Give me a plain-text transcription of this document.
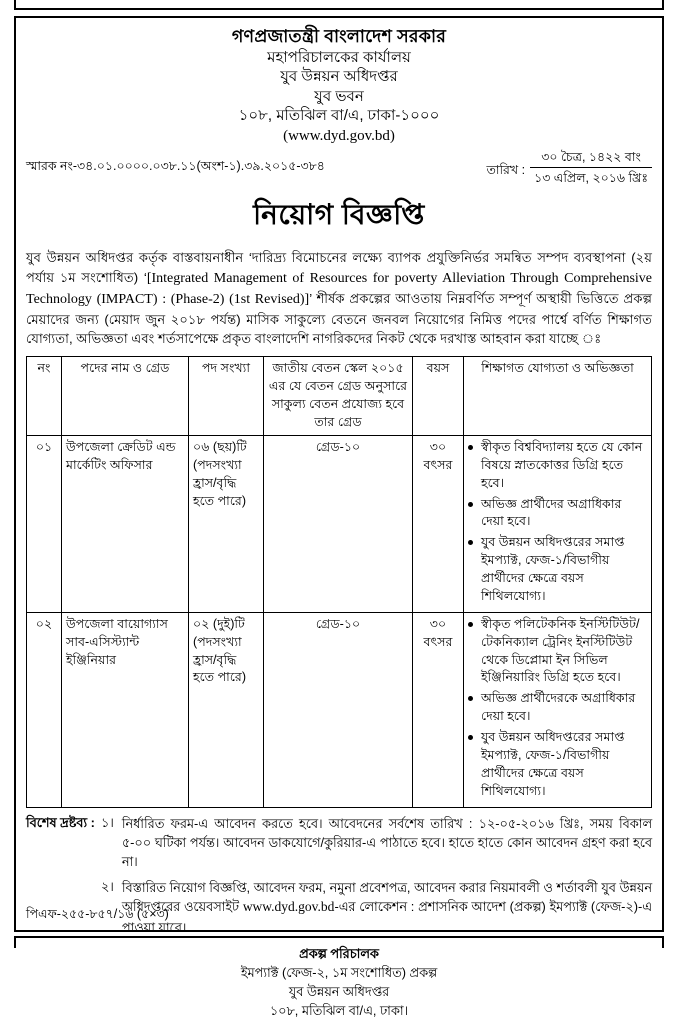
গণপ্রজাতন্ত্রী বাংলাদেশ সরকার
মহাপরিচালকের কার্যালয়
যুব উন্নয়ন অধিদপ্তর
যুব ভবন
১০৮, মতিঝিল বা/এ, ঢাকা-১০০০
(www.dyd.gov.bd)
স্মারক নং-৩৪.০১.০০০০.০৩৮.১১(অংশ-১).৩৯.২০১৫-৩৮৪	তারিখ :
৩০ চৈত্র, ১৪২২ বাং
১৩ এপ্রিল, ২০১৬ খ্রিঃ
নিয়োগ বিজ্ঞপ্তি
যুব উন্নয়ন অধিদপ্তর কর্তৃক বাস্তবায়নাধীন ‘দারিদ্র্য বিমোচনের লক্ষ্যে ব্যাপক প্রযুক্তিনির্ভর সমন্বিত সম্পদ ব্যবস্থাপনা (২য় পর্যায় ১ম সংশোধিত) ‘[Integrated Management of Resources for poverty Alleviation Through Comprehensive Technology (IMPACT) : (Phase-2) (1st Revised)]’ শীর্ষক প্রকল্পের আওতায় নিম্নবর্ণিত সম্পূর্ণ অস্থায়ী ভিত্তিতে প্রকল্প মেয়াদের জন্য (মেয়াদ জুন ২০১৮ পর্যন্ত) মাসিক সাকুল্যে বেতনে জনবল নিয়োগের নিমিত্ত পদের পার্শ্বে বর্ণিত শিক্ষাগত যোগ্যতা, অভিজ্ঞতা এবং শর্তসাপেক্ষে প্রকৃত বাংলাদেশি নাগরিকদের নিকট থেকে দরখাস্ত আহবান করা যাচ্ছে ঃ
নং	পদের নাম ও গ্রেড	পদ সংখ্যা	জাতীয় বেতন স্কেল ২০১৫ এর যে বেতন গ্রেড অনুসারে সাকুল্য বেতন প্রযোজ্য হবে তার গ্রেড	বয়স	শিক্ষাগত যোগ্যতা ও অভিজ্ঞতা
০১	উপজেলা ক্রেডিট এন্ড মার্কেটিং অফিসার	০৬ (ছয়)টি (পদসংখ্যা হ্রাস/বৃদ্ধি হতে পারে)	গ্রেড-১০	৩০ বৎসর	
স্বীকৃত বিশ্ববিদ্যালয় হতে যে কোন বিষয়ে স্নাতকোত্তর ডিগ্রি হতে হবে।
অভিজ্ঞ প্রার্থীদের অগ্রাধিকার দেয়া হবে।
যুব উন্নয়ন অধিদপ্তরের সমাপ্ত ইমপ্যাক্ট, ফেজ-১/বিভাগীয় প্রার্থীদের ক্ষেত্রে বয়স শিথিলযোগ্য।

০২	উপজেলা বায়োগ্যাস সাব-এসিস্ট্যান্ট ইঞ্জিনিয়ার	০২ (দুই)টি (পদসংখ্যা হ্রাস/বৃদ্ধি হতে পারে)	গ্রেড-১০	৩০ বৎসর	
স্বীকৃত পলিটেকনিক ইনস্টিটিউট/টেকনিক্যাল ট্রেনিং ইনস্টিটিউট থেকে ডিপ্লোমা ইন সিভিল ইঞ্জিনিয়ারিং ডিগ্রি হতে হবে।
অভিজ্ঞ প্রার্থীদেরকে অগ্রাধিকার দেয়া হবে।
যুব উন্নয়ন অধিদপ্তরের সমাপ্ত ইমপ্যাক্ট, ফেজ-১/বিভাগীয় প্রার্থীদের ক্ষেত্রে বয়স শিথিলযোগ্য।
বিশেষ দ্রষ্টব্য : ১। নির্ধারিত ফরম-এ আবেদন করতে হবে। আবেদনের সর্বশেষ তারিখ : ১২-০৫-২০১৬ খ্রিঃ, সময় বিকাল ৫-০০ ঘটিকা পর্যন্ত। আবেদন ডাকযোগে/কুরিয়ার-এ পাঠাতে হবে। হাতে হাতে কোন আবেদন গ্রহণ করা হবে না।
২। বিস্তারিত নিয়োগ বিজ্ঞপ্তি, আবেদন ফরম, নমুনা প্রবেশপত্র, আবেদন করার নিয়মাবলী ও শর্তাবলী যুব উন্নয়ন অধিদপ্তরের ওয়েবসাইট www.dyd.gov.bd-এর লোকেশন : প্রশাসনিক আদেশ (প্রকল্প) ইমপ্যাক্ট (ফেজ-২)-এ পাওয়া যাবে।
প্রকল্প পরিচালক
ইমপ্যাক্ট (ফেজ-২, ১ম সংশোধিত) প্রকল্প
যুব উন্নয়ন অধিদপ্তর
১০৮, মতিঝিল বা/এ, ঢাকা।
পিএফ-২৫৫-৮৫৭/১৬ (৫×৩)
